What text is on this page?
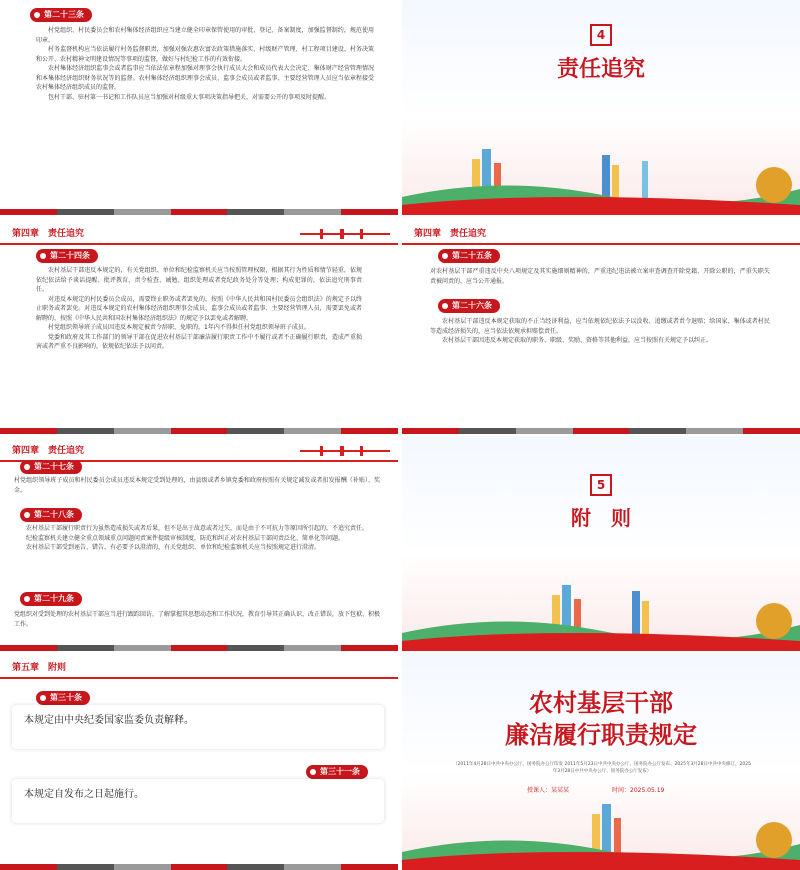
第二十三条

村党组织、村民委员会和农村集体经济组织应当建立健全印章保管使用的审批、登记、备案制度，加强监督制约，规范使用印章。

村务监督机构应当依法履行村务监督职责，加强对强农惠农富农政策措施落实、村级财产管理、村工程项目建设、村务决策和公开、农村精神文明建设情况等事项的监督，做好与村纪检工作的有效衔接。

农村集体经济组织监事会或者监事应当依法依章程加强对理事会执行成员大会和成员代表大会决定、集体财产经营管理情况和本集体经济组织财务状况等的监督。农村集体经济组织理事会成员、监事会成员或者监事、主要经营管理人员应当依章程接受农村集体经济组织成员的监督。

包村干部、驻村第一书记和工作队员应当加强对村级重大事项决策指导把关，对需要公开的事项及时提醒。

4
责任追究
第四章　责任追究
第二十四条

农村基层干部违反本规定的，有关党组织、单位和纪检监察机关应当按照管理权限，根据其行为性质和情节轻重，依规依纪依法给予谈话提醒、批评教育、责令检查、诫勉、组织处理或者党纪政务处分等处理；构成犯罪的，依法追究刑事责任。

对违反本规定的村民委员会成员，需要终止职务或者罢免的，按照《中华人民共和国村民委员会组织法》的规定予以终止职务或者罢免。对违反本规定的农村集体经济组织理事会成员、监事会成员或者监事、主要经营管理人员，需要罢免或者解聘的，按照《中华人民共和国农村集体经济组织法》的规定予以罢免或者解聘。

村党组织领导班子成员因违反本规定被责令辞职、免职的，1年内不得担任村党组织领导班子成员。

党委和政府及其工作部门的领导干部在促进农村基层干部廉洁履行职责工作中不履行或者不正确履行职责，造成严重损害或者严重不良影响的，依规依纪依法予以问责。

第四章　责任追究
第二十五条
对农村基层干部严重违反中央八项规定及其实施细则精神的，严重违纪违法被立案审查调查开除党籍、开除公职的，严重失职失责被问责的，应当公开通报。
第二十六条

农村基层干部违反本规定获取的不正当经济利益，应当依规依纪依法予以没收、追缴或者责令退赔；给国家、集体或者村民等造成经济损失的，应当依法依规承担赔偿责任。

农村基层干部因违反本规定获取的职务、职级、奖励、资格等其他利益，应当按照有关规定予以纠正。

第四章　责任追究
第二十七条
村党组织领导班子成员和村民委员会成员违反本规定受到处理的，由县级或者乡镇党委和政府按照有关规定减发或者扣发报酬（补贴）、奖金。
第二十八条

农村基层干部履行职责行为虽然造成损失或者后果，但不是出于故意或者过失，而是由于不可抗力等原因所引起的，不追究责任。

纪检监察机关建立健全重点领域重点问题问责案件提级审核制度，防范和纠正对农村基层干部问责泛化、简单化等问题。

农村基层干部受到诬告、错告，有必要予以澄清的，有关党组织、单位和纪检监察机关应当按照规定进行澄清。

第二十九条
党组织对受到处理的农村基层干部应当进行跟踪回访，了解掌握其思想动态和工作状况，教育引导其正确认识、改正错误，放下包袱、积极工作。
5
附　则
第五章　附则
第三十条
本规定由中央纪委国家监委负责解释。
第三十一条
本规定自发布之日起施行。
农村基层干部
廉洁履行职责规定
（2011年4月28日中共中央办公厅、国务院办公厅印发 2011年5月23日中共中央办公厅、国务院办公厅发布；2025年3月28日中共中央修订，2025年3月28日中共中央办公厅、国务院办公厅发布）
授课人：某某某	时间：2025.05.19
